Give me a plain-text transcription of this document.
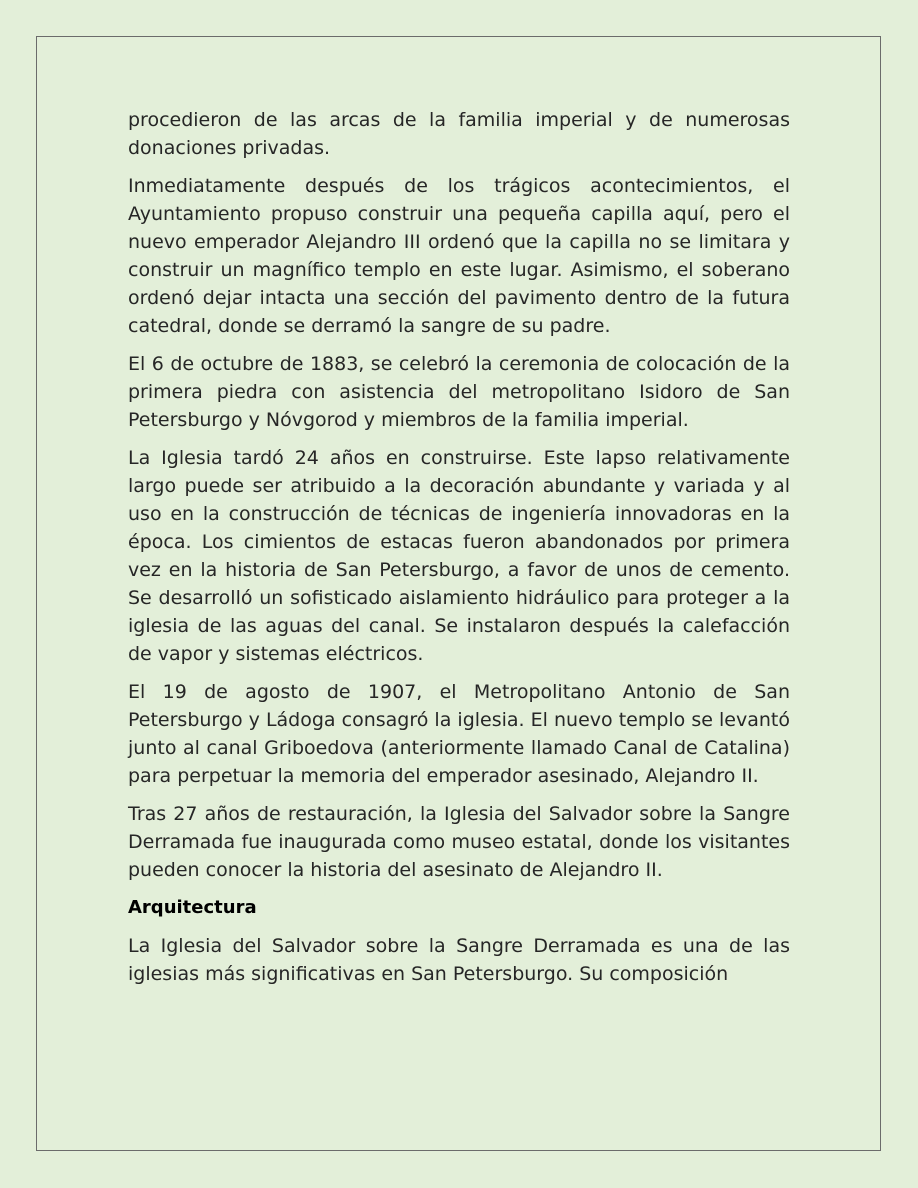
procedieron de las arcas de la familia imperial y de numerosas donaciones privadas.

Inmediatamente después de los trágicos acontecimientos, el Ayuntamiento propuso construir una pequeña capilla aquí, pero el nuevo emperador Alejandro III ordenó que la capilla no se limitara y construir un magnífico templo en este lugar. Asimismo, el soberano ordenó dejar intacta una sección del pavimento dentro de la futura catedral, donde se derramó la sangre de su padre.

El 6 de octubre de 1883, se celebró la ceremonia de colocación de la primera piedra con asistencia del metropolitano Isidoro de San Petersburgo y Nóvgorod y miembros de la familia imperial.

La Iglesia tardó 24 años en construirse. Este lapso relativamente largo puede ser atribuido a la decoración abundante y variada y al uso en la construcción de técnicas de ingeniería innovadoras en la época. Los cimientos de estacas fueron abandonados por primera vez en la historia de San Petersburgo, a favor de unos de cemento. Se desarrolló un sofisticado aislamiento hidráulico para proteger a la iglesia de las aguas del canal. Se instalaron después la calefacción de vapor y sistemas eléctricos.

El 19 de agosto de 1907, el Metropolitano Antonio de San Petersburgo y Ládoga consagró la iglesia. El nuevo templo se levantó junto al canal Griboedova (anteriormente llamado Canal de Catalina) para perpetuar la memoria del emperador asesinado, Alejandro II.

Tras 27 años de restauración, la Iglesia del Salvador sobre la Sangre Derramada fue inaugurada como museo estatal, donde los visitantes pueden conocer la historia del asesinato de Alejandro II.

Arquitectura

La Iglesia del Salvador sobre la Sangre Derramada es una de las iglesias más significativas en San Petersburgo. Su composición
